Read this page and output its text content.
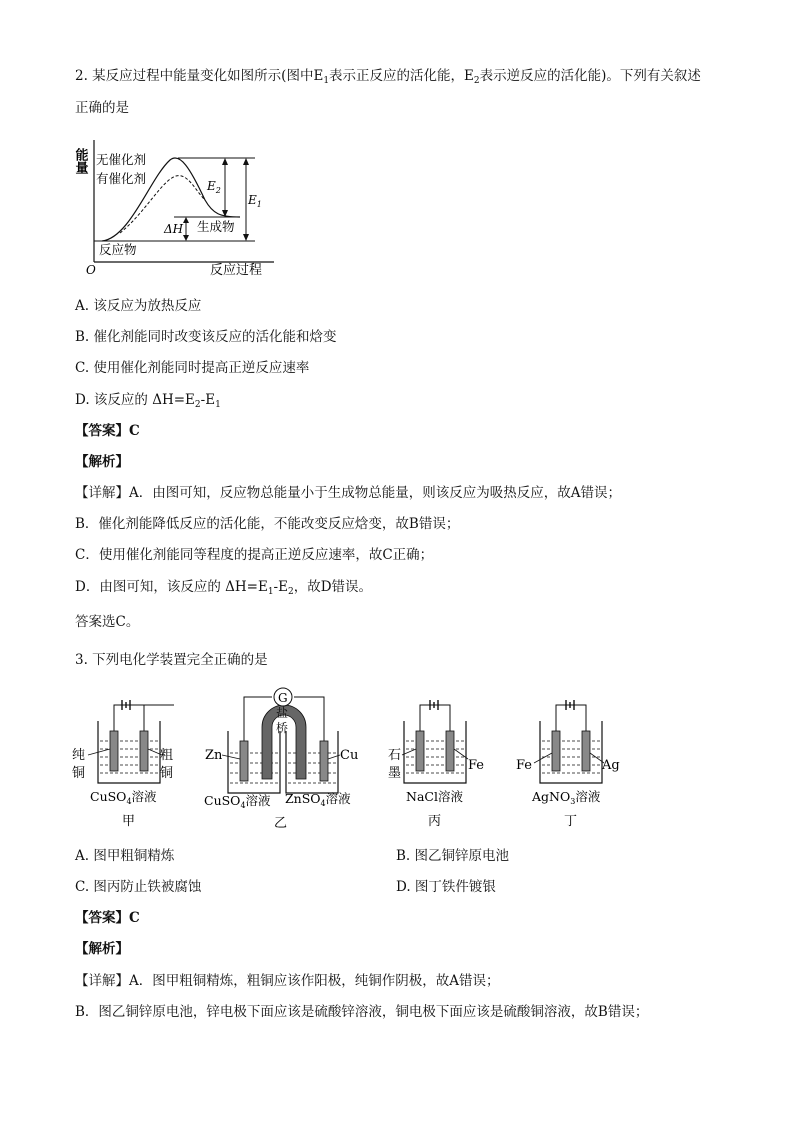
2. 某反应过程中能量变化如图所示(图中$E_1$表示正反应的活化能，$E_2$表示逆反应的活化能)。下列有关叙述
正确的是
能量
O	反应过程
无催化剂
有催化剂	$E_2$
$E_1$
ΔH 生成物
反应物
A. 该反应为放热反应
B. 催化剂能同时改变该反应的活化能和焓变
C. 使用催化剂能同时提高正逆反应速率
D. 该反应的 $\Delta H=E_2-E_1$
【答案】C
【解析】
【详解】A．由图可知，反应物总能量小于生成物总能量，则该反应为吸热反应，故A错误；
B．催化剂能降低反应的活化能，不能改变反应焓变，故B错误；
C．使用催化剂能同等程度的提高正逆反应速率，故C正确；
D．由图可知，该反应的 $\Delta H=E_1-E_2$，故D错误。
答案选C。
3. 下列电化学装置完全正确的是
纯
铜
粗
铜
CuSO$_4$溶液
甲
盐
桥
G
Zn	Cu
CuSO$_4$溶液 ZnSO$_4$溶液
乙
石
墨
Fe
NaCl溶液
丙
Fe	Ag
AgNO$_3$溶液
丁
A. 图甲粗铜精炼	B. 图乙铜锌原电池
C. 图丙防止铁被腐蚀	D. 图丁铁件镀银
【答案】C
【解析】
【详解】A．图甲粗铜精炼，粗铜应该作阳极，纯铜作阴极，故A错误；
B．图乙铜锌原电池，锌电极下面应该是硫酸锌溶液，铜电极下面应该是硫酸铜溶液，故B错误；
